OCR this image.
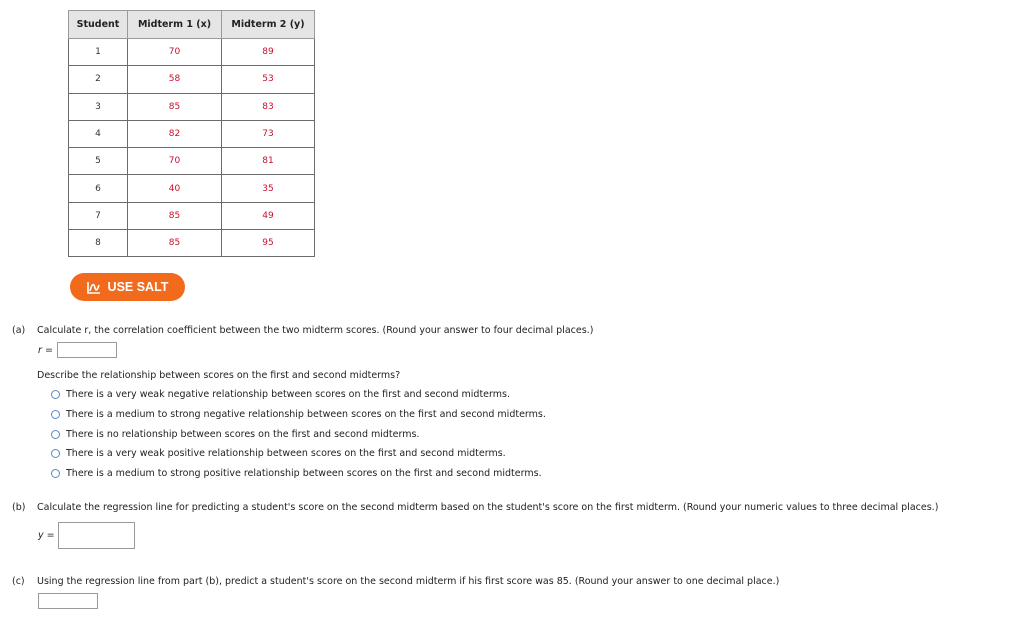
Student	Midterm 1 (x)	Midterm 2 (y)
1	70	89
2	58	53
3	85	83
4	82	73
5	70	81
6	40	35
7	85	49
8	85	95
USE SALT
(a) Calculate r, the correlation coefficient between the two midterm scores. (Round your answer to four decimal places.)
r =
Describe the relationship between scores on the first and second midterms?
There is a very weak negative relationship between scores on the first and second midterms.
There is a medium to strong negative relationship between scores on the first and second midterms.
There is no relationship between scores on the first and second midterms.
There is a very weak positive relationship between scores on the first and second midterms.
There is a medium to strong positive relationship between scores on the first and second midterms.
(b) Calculate the regression line for predicting a student's score on the second midterm based on the student's score on the first midterm. (Round your numeric values to three decimal places.)
y =
(c) Using the regression line from part (b), predict a student's score on the second midterm if his first score was 85. (Round your answer to one decimal place.)
